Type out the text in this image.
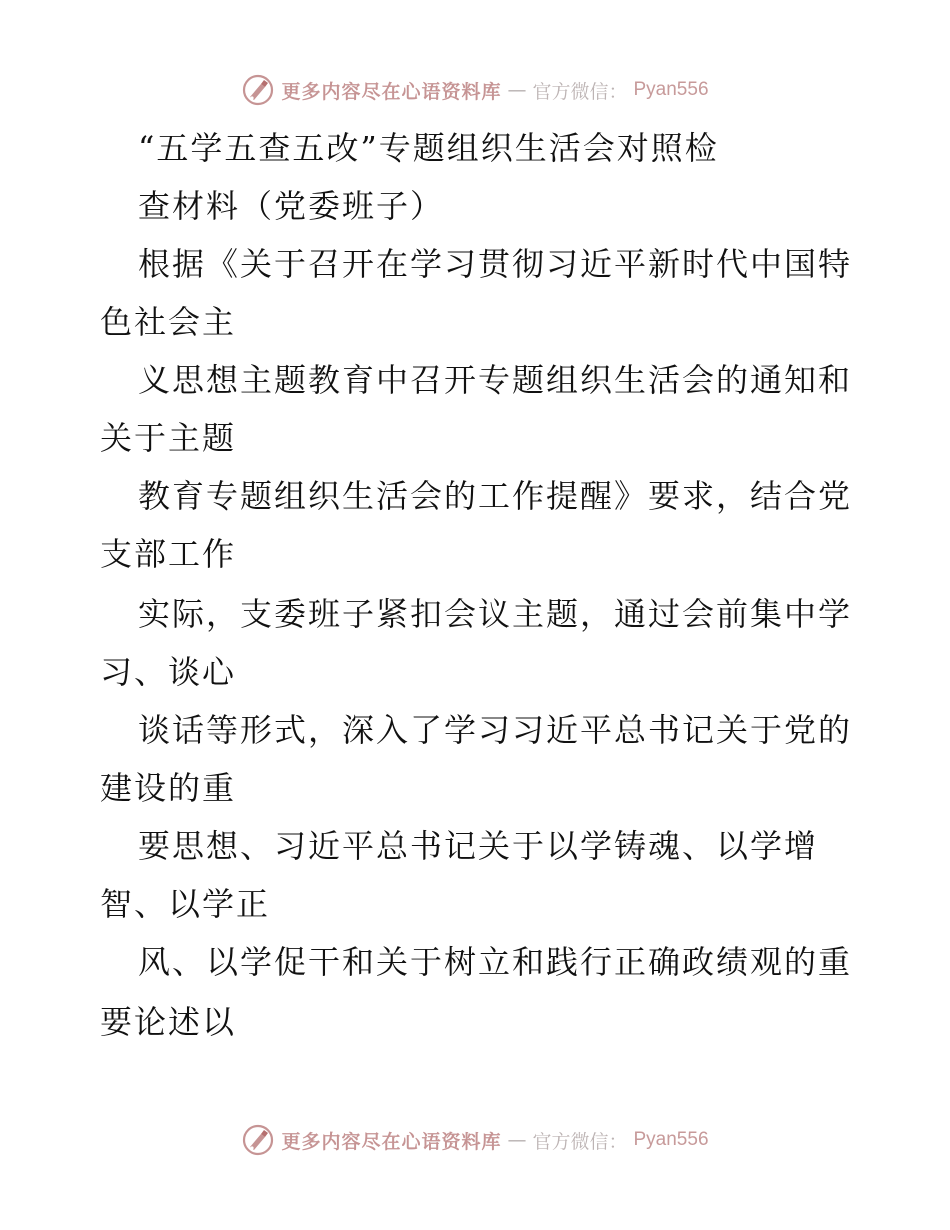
更多内容尽在心语资料库 — 官方微信： Pyan556
“五学五查五改”专题组织生活会对照检
查材料（党委班子）
根据《关于召开在学习贯彻习近平新时代中国特
色社会主
义思想主题教育中召开专题组织生活会的通知和
关于主题
教育专题组织生活会的工作提醒》要求，结合党
支部工作
实际，支委班子紧扣会议主题，通过会前集中学
习、谈心
谈话等形式，深入了学习习近平总书记关于党的
建设的重
要思想、习近平总书记关于以学铸魂、以学增
智、以学正
风、以学促干和关于树立和践行正确政绩观的重
要论述以
更多内容尽在心语资料库 — 官方微信： Pyan556
